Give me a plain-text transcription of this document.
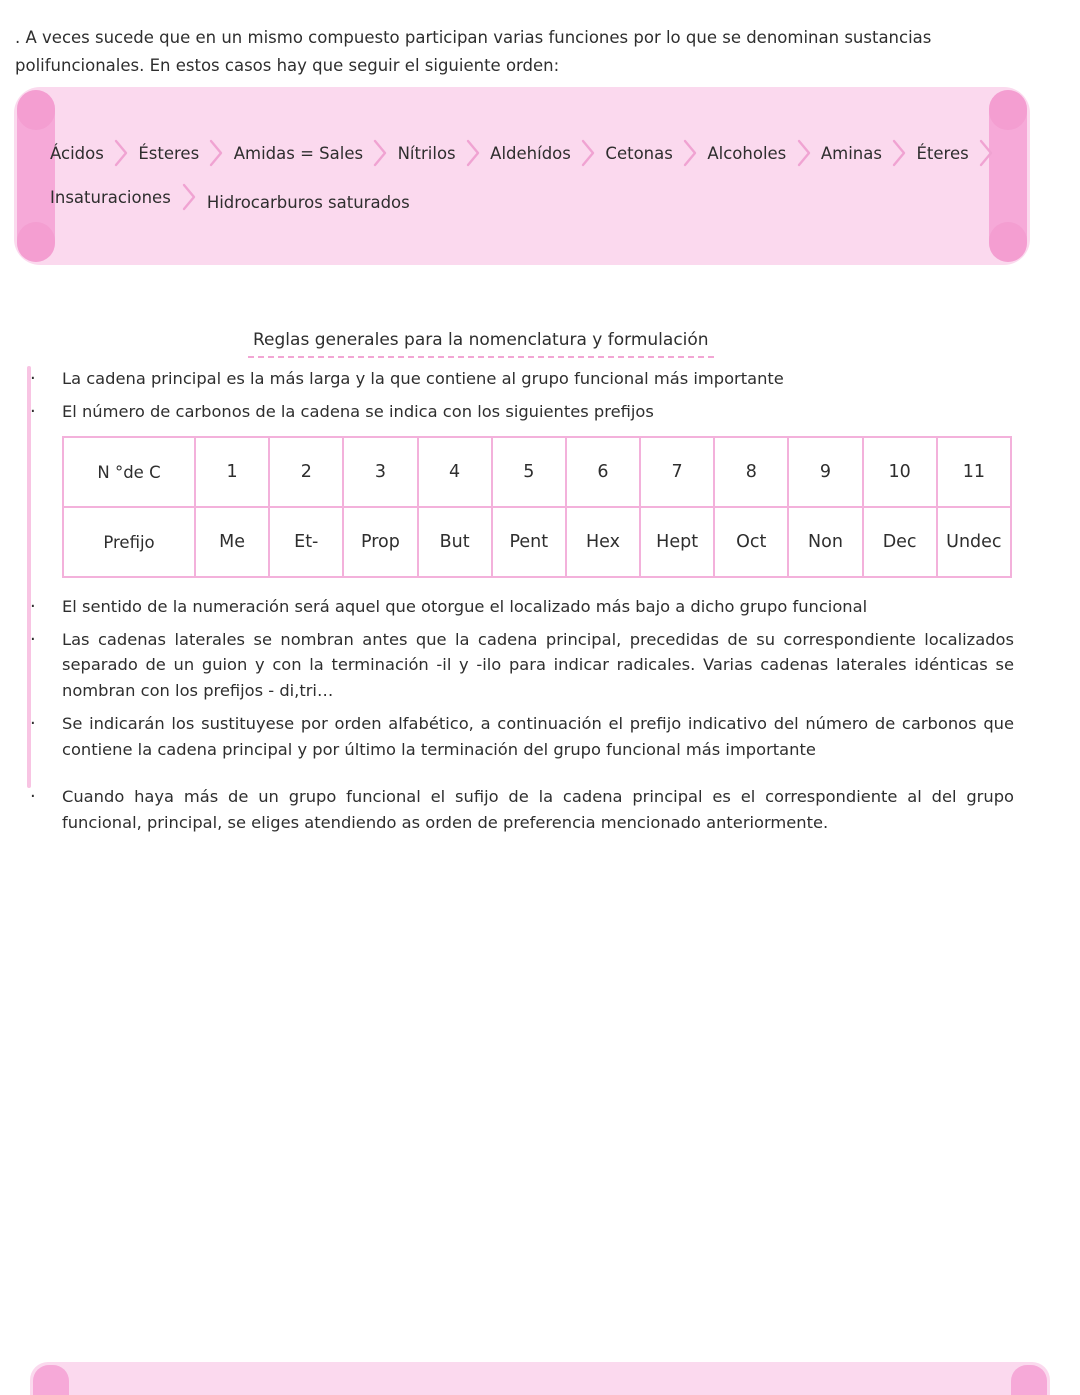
. A veces sucede que en un mismo compuesto participan varias funciones por lo que se denominan sustancias polifuncionales. En estos casos hay que seguir el siguiente orden:

Ácidos Ésteres Amidas = Sales Nítrilos Aldehídos Cetonas Alcoholes Aminas Éteres
Insaturaciones Hidrocarburos saturados
Reglas generales para la nomenclatura y formulación
· La cadena principal es la más larga y la que contiene al grupo funcional más importante
· El número de carbonos de la cadena se indica con los siguientes prefijos
N °de C	1	2	3	4	5	6	7	8	9	10	11
Prefijo	Me	Et-	Prop	But	Pent	Hex	Hept	Oct	Non	Dec	Undec
· El sentido de la numeración será aquel que otorgue el localizado más bajo a dicho grupo funcional
· Las cadenas laterales se nombran antes que la cadena principal, precedidas de su correspondiente localizados separado de un guion y con la terminación -il y -ilo para indicar radicales. Varias cadenas laterales idénticas se nombran con los prefijos - di,tri…
· Se indicarán los sustituyese por orden alfabético, a continuación el prefijo indicativo del número de carbonos que contiene la cadena principal y por último la terminación del grupo funcional más importante
· Cuando haya más de un grupo funcional el sufijo de la cadena principal es el correspondiente al del grupo funcional, principal, se eliges atendiendo as orden de preferencia mencionado anteriormente.
